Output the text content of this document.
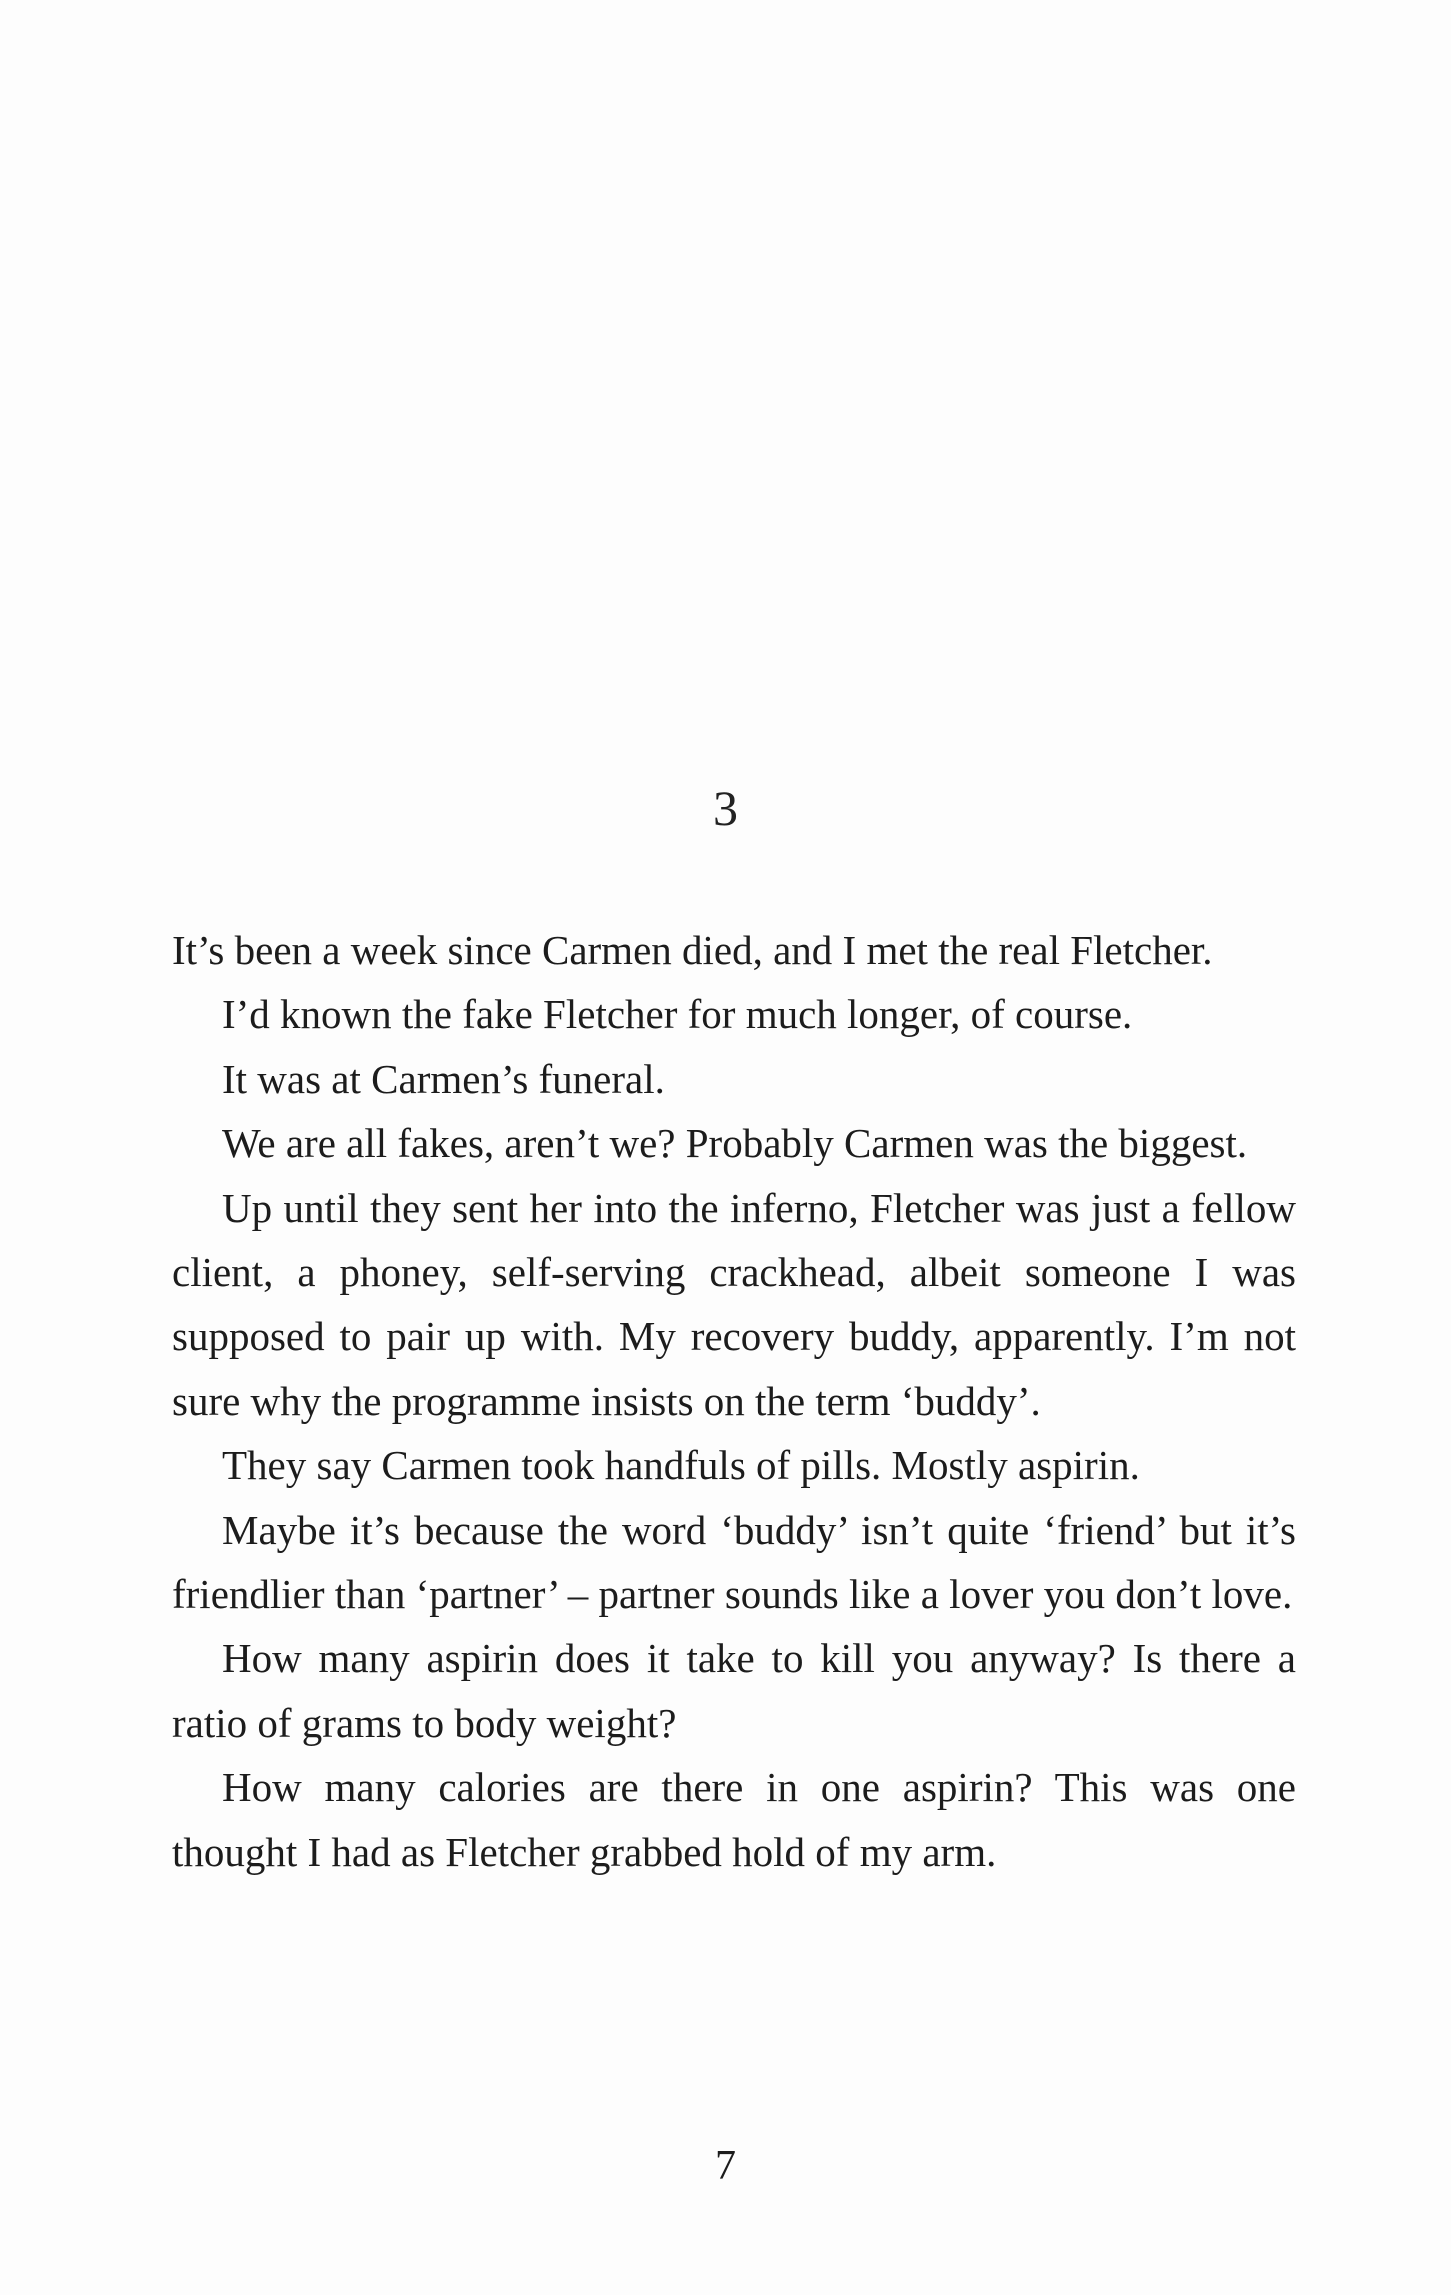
3

It’s been a week since Carmen died, and I met the real Fletcher.

I’d known the fake Fletcher for much longer, of course.

It was at Carmen’s funeral.

We are all fakes, aren’t we? Probably Carmen was the biggest.

Up until they sent her into the inferno, Fletcher was just a fellow client, a phoney, self-serving crackhead, albeit someone I was supposed to pair up with. My recovery buddy, apparently. I’m not sure why the programme insists on the term ‘buddy’.

They say Carmen took handfuls of pills. Mostly aspirin.

Maybe it’s because the word ‘buddy’ isn’t quite ‘friend’ but it’s friendlier than ‘partner’ – partner sounds like a lover you don’t love.

How many aspirin does it take to kill you anyway? Is there a ratio of grams to body weight?

How many calories are there in one aspirin? This was one thought I had as Fletcher grabbed hold of my arm.

7
